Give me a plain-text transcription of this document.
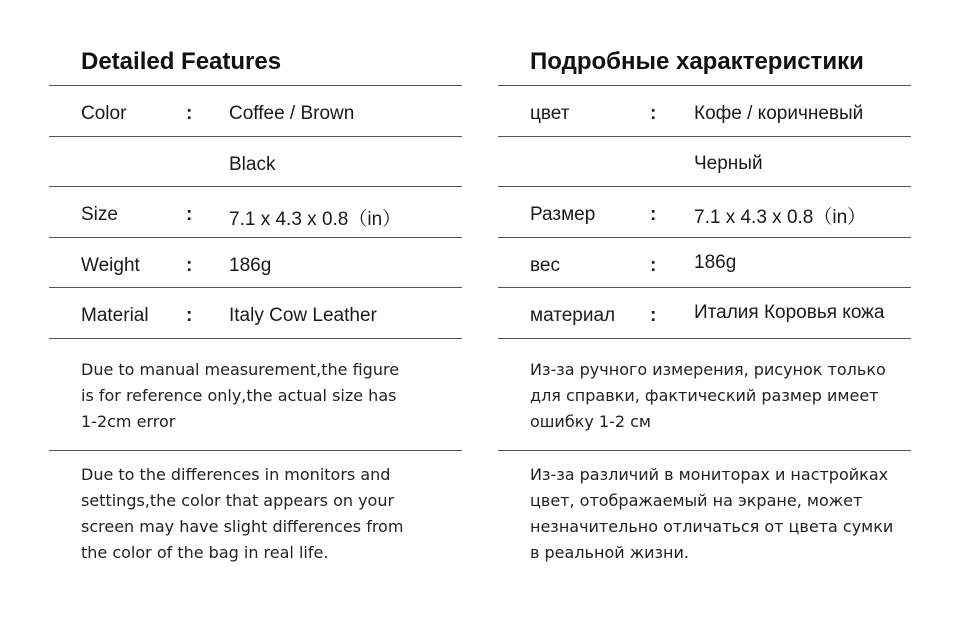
Detailed Features
Color	: Coffee / Brown
Black
Size	: 7.1 x 4.3 x 0.8（in）
Weight : 186g
Material : Italy Cow Leather
Due to manual measurement,the figure
is for reference only,the actual size has
1-2cm error
Due to the differences in monitors and
settings,the color that appears on your
screen may have slight differences from
the color of the bag in real life.
Подробные характеристики
цвет	: Кофе / коричневый
Черный
Размер	: 7.1 x 4.3 x 0.8（in）
вес	: 186g
материал : Италия Коровья кожа
Из-за ручного измерения, рисунок только
для справки, фактический размер имеет
ошибку 1-2 см
Из-за различий в мониторах и настройках
цвет, отображаемый на экране, может
незначительно отличаться от цвета сумки
в реальной жизни.
